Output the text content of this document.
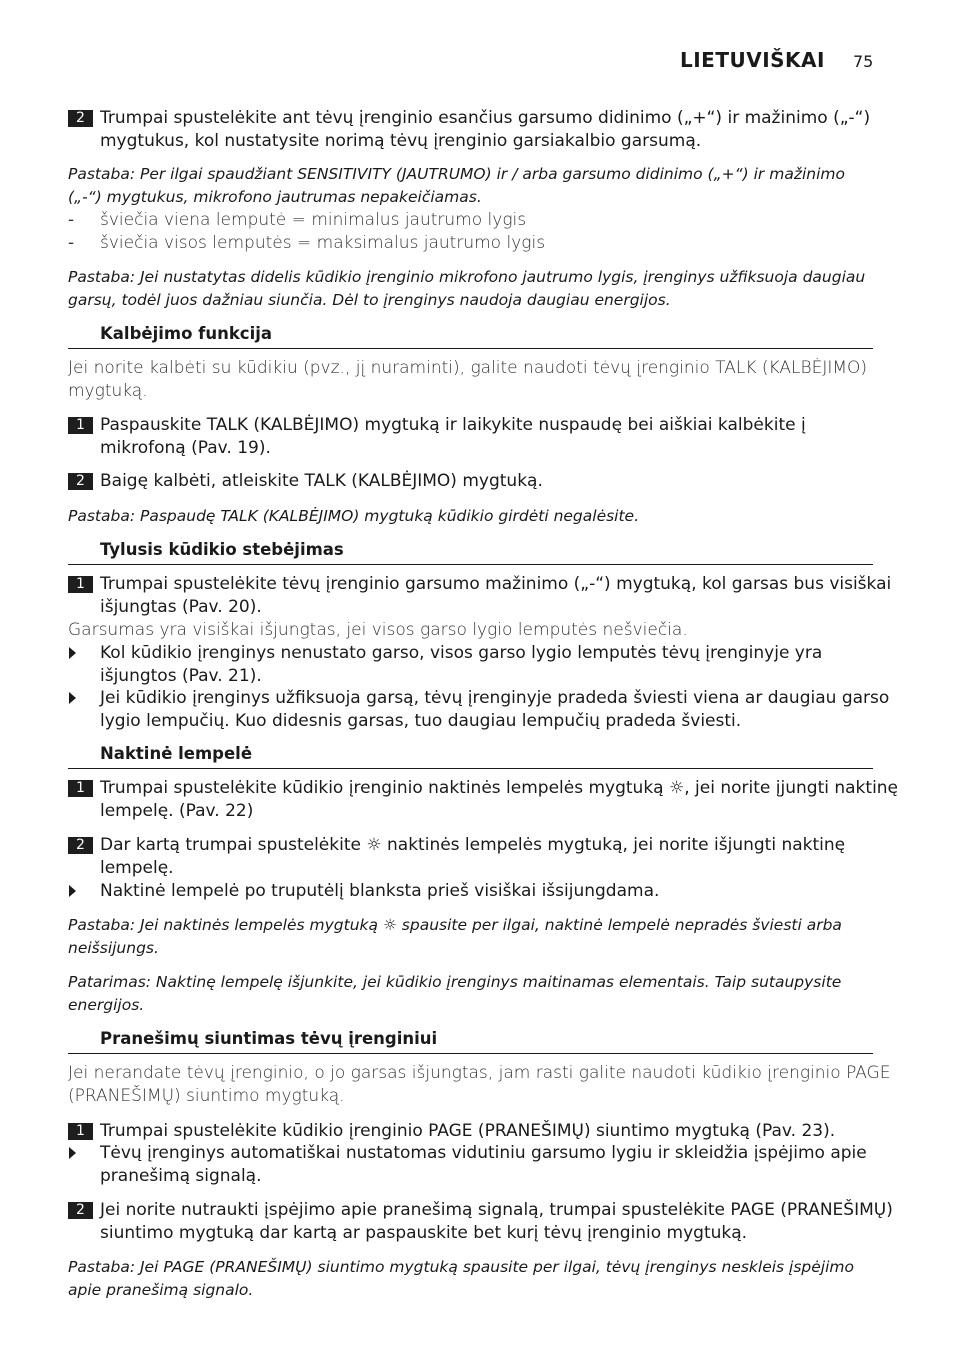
LIETUVIŠKAI 75
2 Trumpai spustelėkite ant tėvų įrenginio esančius garsumo didinimo („+“) ir mažinimo („-“)
mygtukus, kol nustatysite norimą tėvų įrenginio garsiakalbio garsumą.
Pastaba: Per ilgai spaudžiant SENSITIVITY (JAUTRUMO) ir / arba garsumo didinimo („+“) ir mažinimo
(„-“) mygtukus, mikrofono jautrumas nepakeičiamas.
- šviečia viena lemputė = minimalus jautrumo lygis
- šviečia visos lemputės = maksimalus jautrumo lygis
Pastaba: Jei nustatytas didelis kūdikio įrenginio mikrofono jautrumo lygis, įrenginys užfiksuoja daugiau
garsų, todėl juos dažniau siunčia. Dėl to įrenginys naudoja daugiau energijos.
Kalbėjimo funkcija
Jei norite kalbėti su kūdikiu (pvz., jį nuraminti), galite naudoti tėvų įrenginio TALK (KALBĖJIMO)
mygtuką.
1 Paspauskite TALK (KALBĖJIMO) mygtuką ir laikykite nuspaudę bei aiškiai kalbėkite į
mikrofoną (Pav. 19).
2 Baigę kalbėti, atleiskite TALK (KALBĖJIMO) mygtuką.
Pastaba: Paspaudę TALK (KALBĖJIMO) mygtuką kūdikio girdėti negalėsite.
Tylusis kūdikio stebėjimas
1 Trumpai spustelėkite tėvų įrenginio garsumo mažinimo („-“) mygtuką, kol garsas bus visiškai
išjungtas (Pav. 20).
Garsumas yra visiškai išjungtas, jei visos garso lygio lemputės nešviečia.
Kol kūdikio įrenginys nenustato garso, visos garso lygio lemputės tėvų įrenginyje yra
išjungtos (Pav. 21).
Jei kūdikio įrenginys užfiksuoja garsą, tėvų įrenginyje pradeda šviesti viena ar daugiau garso
lygio lempučių. Kuo didesnis garsas, tuo daugiau lempučių pradeda šviesti.
Naktinė lempelė
1 Trumpai spustelėkite kūdikio įrenginio naktinės lempelės mygtuką ☼, jei norite įjungti naktinę
lempelę. (Pav. 22)
2 Dar kartą trumpai spustelėkite ☼ naktinės lempelės mygtuką, jei norite išjungti naktinę
lempelę.
Naktinė lempelė po truputėlį blanksta prieš visiškai išsijungdama.
Pastaba: Jei naktinės lempelės mygtuką ☼ spausite per ilgai, naktinė lempelė nepradės šviesti arba
neišsijungs.
Patarimas: Naktinę lempelę išjunkite, jei kūdikio įrenginys maitinamas elementais. Taip sutaupysite
energijos.
Pranešimų siuntimas tėvų įrenginiui
Jei nerandate tėvų įrenginio, o jo garsas išjungtas, jam rasti galite naudoti kūdikio įrenginio PAGE
(PRANEŠIMŲ) siuntimo mygtuką.
1 Trumpai spustelėkite kūdikio įrenginio PAGE (PRANEŠIMŲ) siuntimo mygtuką (Pav. 23).
Tėvų įrenginys automatiškai nustatomas vidutiniu garsumo lygiu ir skleidžia įspėjimo apie
pranešimą signalą.
2 Jei norite nutraukti įspėjimo apie pranešimą signalą, trumpai spustelėkite PAGE (PRANEŠIMŲ)
siuntimo mygtuką dar kartą ar paspauskite bet kurį tėvų įrenginio mygtuką.
Pastaba: Jei PAGE (PRANEŠIMŲ) siuntimo mygtuką spausite per ilgai, tėvų įrenginys neskleis įspėjimo
apie pranešimą signalo.
